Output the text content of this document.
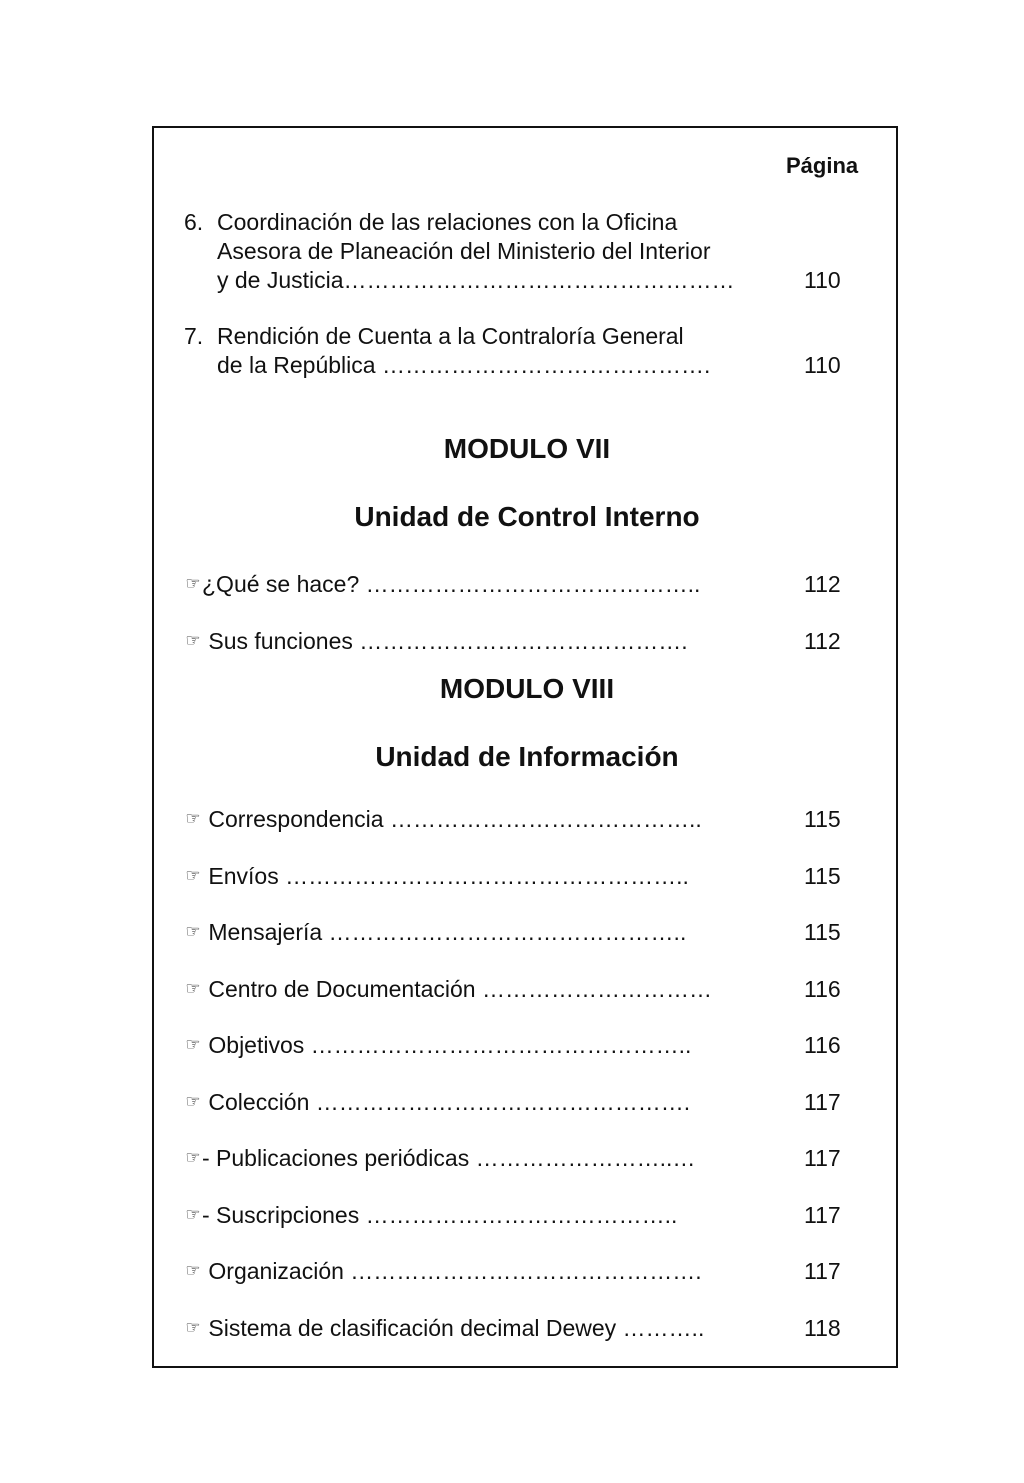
Página
6. Coordinación de las relaciones con la Oficina
Asesora de Planeación del Ministerio del Interior
y de Justicia……………………………………………	110
7. Rendición de Cuenta a la Contraloría General
de la República …………………………………….	110
MODULO VII
Unidad de Control Interno
☞¿Qué se hace? ……………………………………..	112
☞ Sus funciones …………………………………….	112
MODULO VIII
Unidad de Información
☞ Correspondencia …………………………………..	115
☞ Envíos ……………………………………………..	115
☞ Mensajería ………………………………………..	115
☞ Centro de Documentación …………………………	116
☞ Objetivos …………………………………………..	116
☞ Colección ………………………………………….	117
☞- Publicaciones periódicas ……………………..…	117
☞- Suscripciones …………………………………..	117
☞ Organización ……………………………………….	117
☞ Sistema de clasificación decimal Dewey ………..	118
